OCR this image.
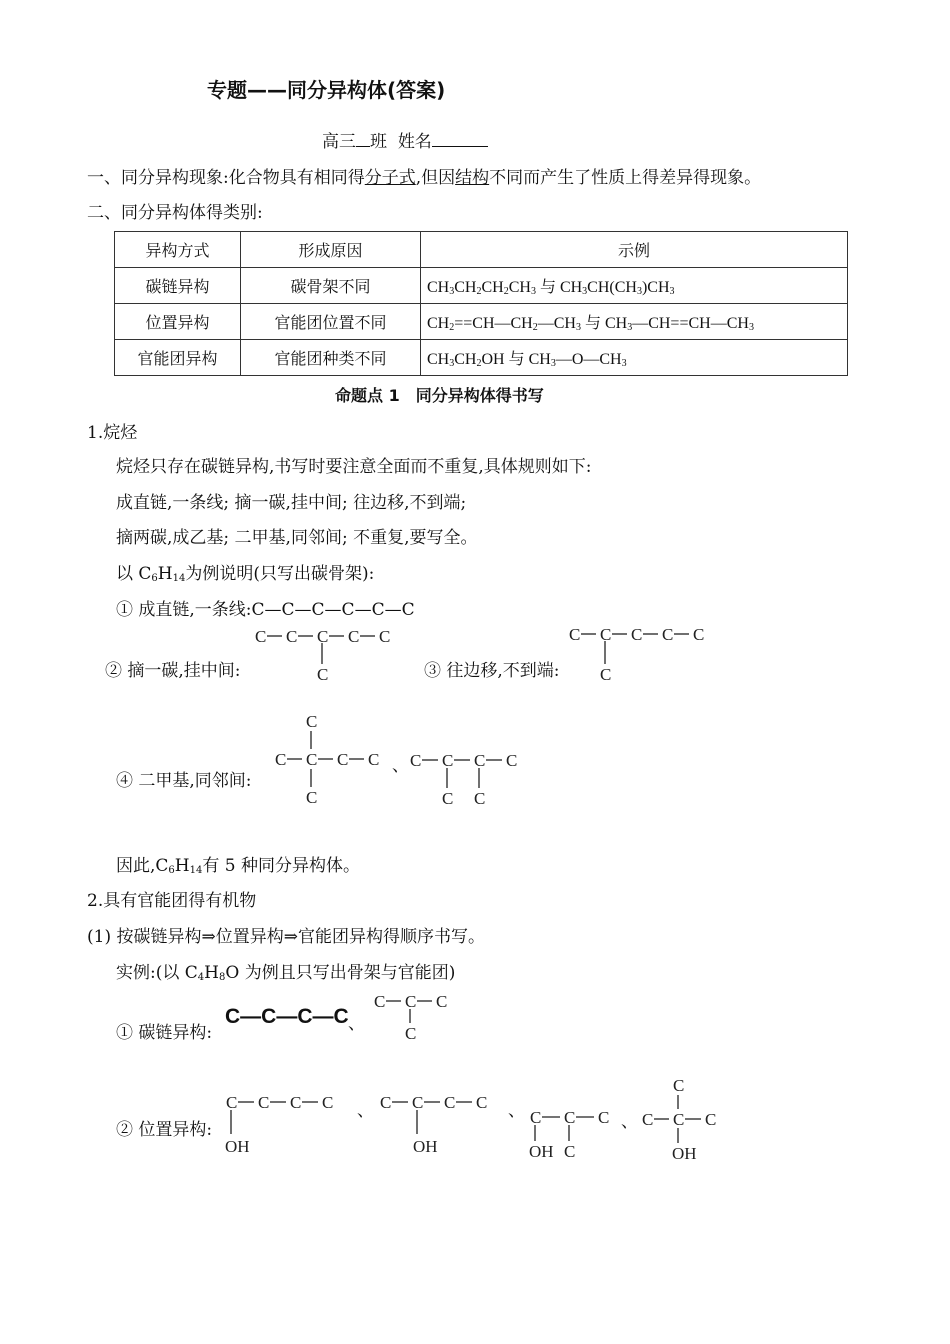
专题——同分异构体(答案)
高三 班 姓名
一、同分异构现象:化合物具有相同得分子式,但因结构不同而产生了性质上得差异得现象。
二、同分异构体得类别:
异构方式	形成原因	示例
碳链异构	碳骨架不同	$CH_3CH_2CH_2CH_3$ 与 $CH_3CH(CH_3)CH_3$
位置异构	官能团位置不同	$CH_2==CH—CH_2—CH_3$ 与 $CH_3—CH==CH—CH_3$
官能团异构	官能团种类不同	$CH_3CH_2OH$ 与 $CH_3—O—CH_3$
命题点 1　同分异构体得书写
1.烷烃
烷烃只存在碳链异构,书写时要注意全面而不重复,具体规则如下:
成直链,一条线; 摘一碳,挂中间; 往边移,不到端;
摘两碳,成乙基; 二甲基,同邻间; 不重复,要写全。
以 $C_6H_{14}$为例说明(只写出碳骨架):
① 成直链,一条线:C—C—C—C—C—C
② 摘一碳,挂中间:	③ 往边移,不到端:
④ 二甲基,同邻间:
因此$,C_6H_{14}$有 5 种同分异构体。
C C C C C
C
C C C C C
C
C
C C C C
C
、 C C C C
C C
2.具有官能团得有机物
(1) 按碳链异构⇒位置异构⇒官能团异构得顺序书写。
实例:(以 $C_4H_8O$ 为例且只写出骨架与官能团)
① 碳链异构:
C—C—C—C 、
C C C
C
② 位置异构:
C C C C
OH
、 C C C C
OH
、 C C C
OH C
、
C
C C C
OH
